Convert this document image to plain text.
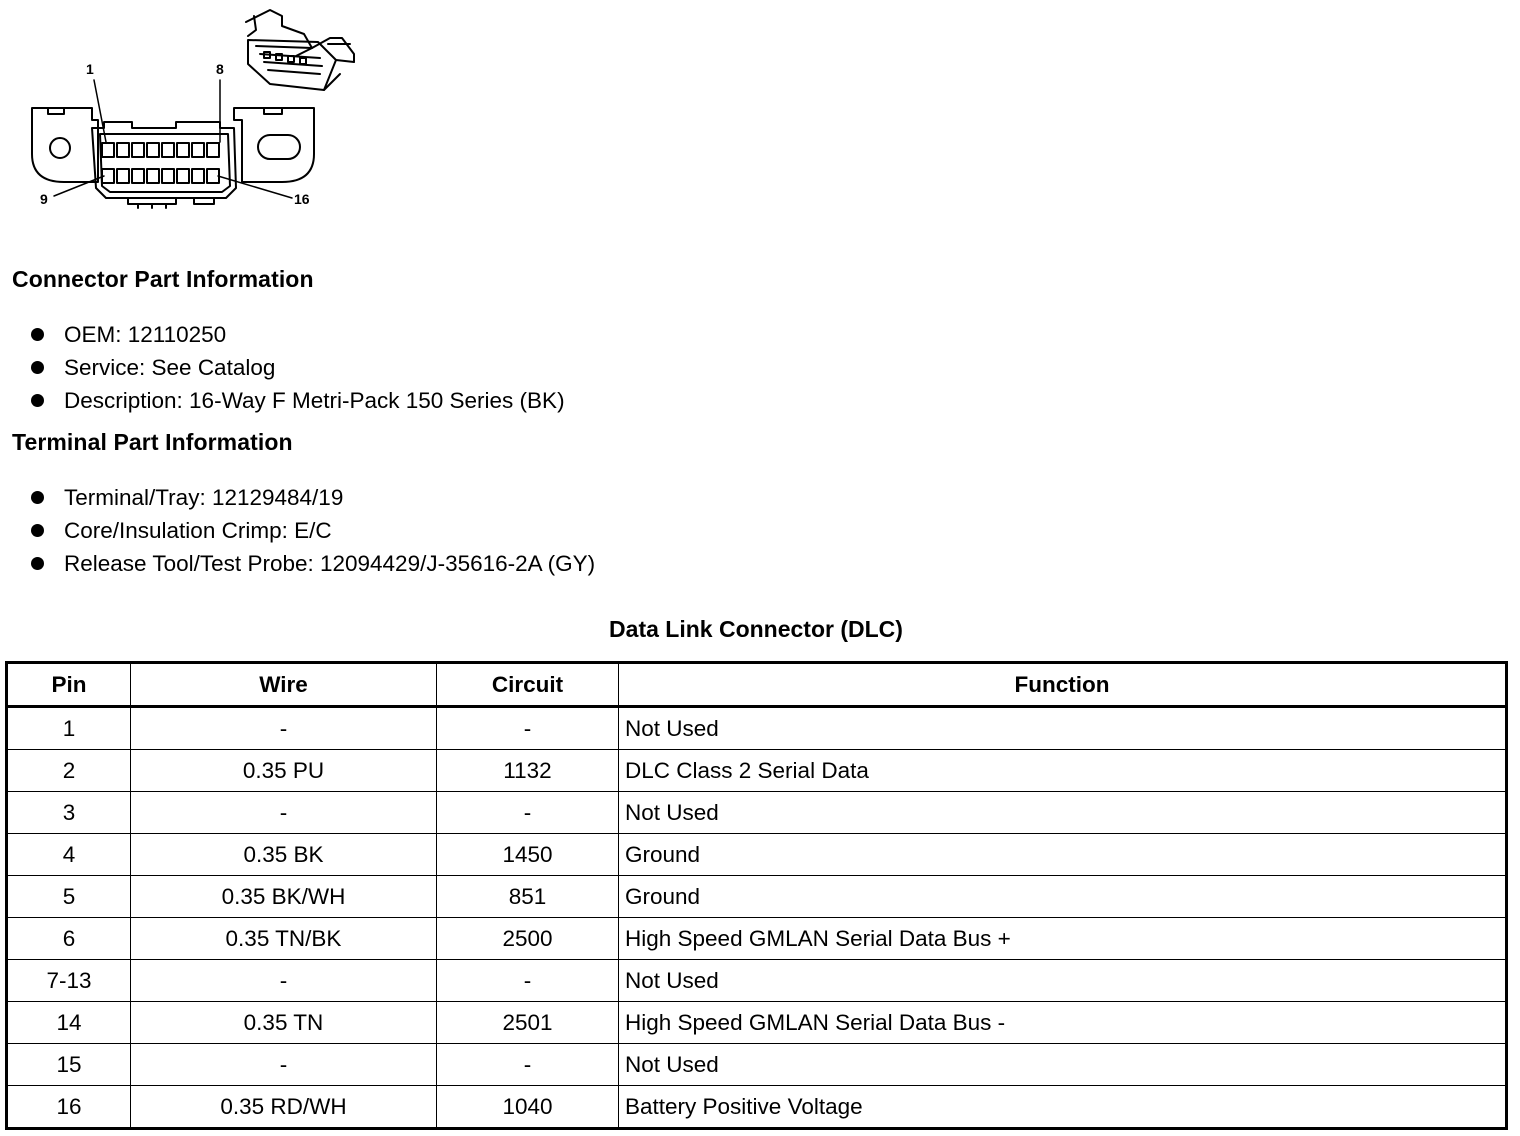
1	8
9	16
Connector Part Information
OEM: 12110250
Service: See Catalog
Description: 16-Way F Metri-Pack 150 Series (BK)
Terminal Part Information
Terminal/Tray: 12129484/19
Core/Insulation Crimp: E/C
Release Tool/Test Probe: 12094429/J-35616-2A (GY)
Data Link Connector (DLC)
Pin	Wire	Circuit	Function
1	-	-	Not Used
2	0.35 PU	1132	DLC Class 2 Serial Data
3	-	-	Not Used
4	0.35 BK	1450	Ground
5	0.35 BK/WH	851	Ground
6	0.35 TN/BK	2500	High Speed GMLAN Serial Data Bus +
7-13	-	-	Not Used
14	0.35 TN	2501	High Speed GMLAN Serial Data Bus -
15	-	-	Not Used
16	0.35 RD/WH	1040	Battery Positive Voltage
